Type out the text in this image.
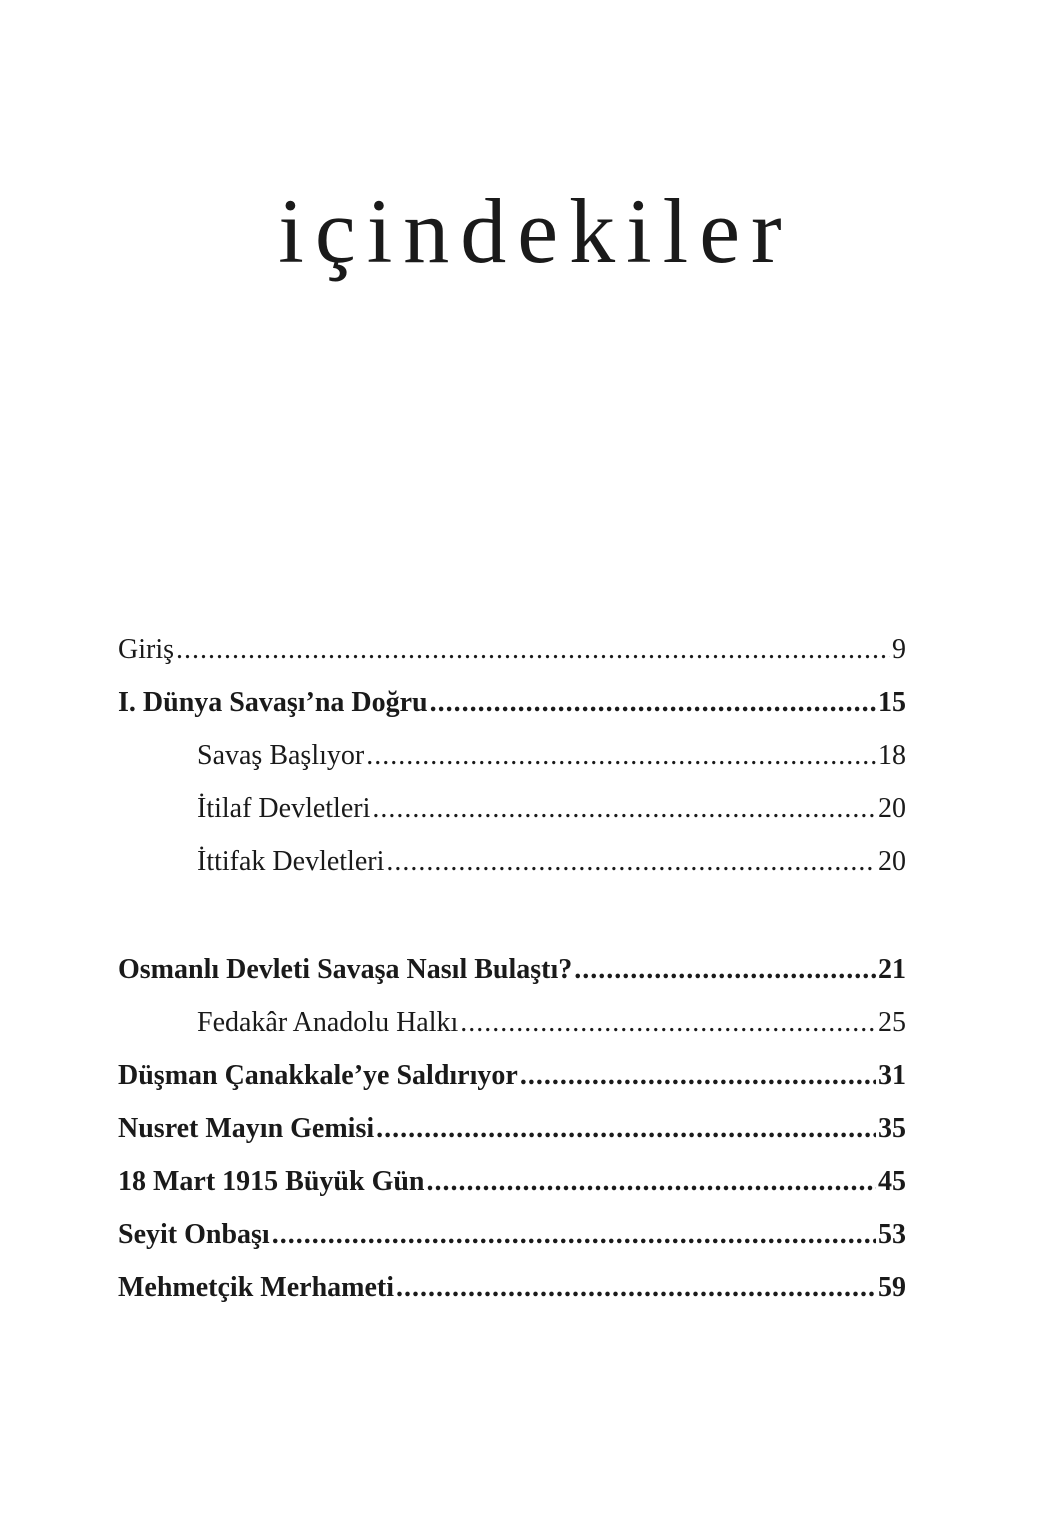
içindekiler
Giriş .....	9
I. Dünya Savaşı’na Doğru .....	15
Savaş Başlıyor .....	18
İtilaf Devletleri .....	20
İttifak Devletleri .....	20
Osmanlı Devleti Savaşa Nasıl Bulaştı? .....	21
Fedakâr Anadolu Halkı .....	25
Düşman Çanakkale’ye Saldırıyor .....	31
Nusret Mayın Gemisi .....	35
18 Mart 1915 Büyük Gün .....	45
Seyit Onbaşı .....	53
Mehmetçik Merhameti .....	59
